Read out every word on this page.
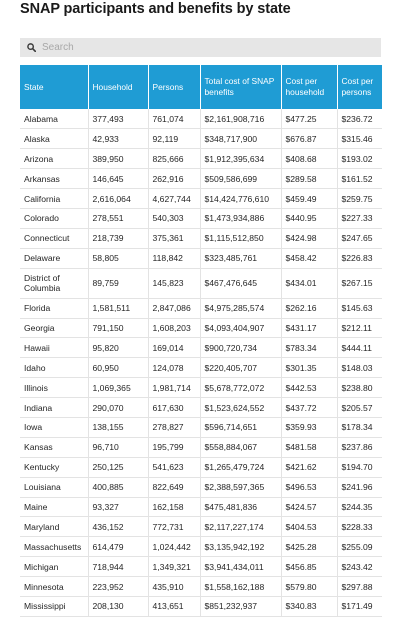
SNAP participants and benefits by state
Search
State	Household	Persons	Total cost of SNAP benefits	Cost per household	Cost per persons
Alabama	377,493	761,074	$2,161,908,716	$477.25	$236.72
Alaska	42,933	92,119	$348,717,900	$676.87	$315.46
Arizona	389,950	825,666	$1,912,395,634	$408.68	$193.02
Arkansas	146,645	262,916	$509,586,699	$289.58	$161.52
California	2,616,064	4,627,744	$14,424,776,610	$459.49	$259.75
Colorado	278,551	540,303	$1,473,934,886	$440.95	$227.33
Connecticut	218,739	375,361	$1,115,512,850	$424.98	$247.65
Delaware	58,805	118,842	$323,485,761	$458.42	$226.83
District of Columbia	89,759	145,823	$467,476,645	$434.01	$267.15
Florida	1,581,511	2,847,086	$4,975,285,574	$262.16	$145.63
Georgia	791,150	1,608,203	$4,093,404,907	$431.17	$212.11
Hawaii	95,820	169,014	$900,720,734	$783.34	$444.11
Idaho	60,950	124,078	$220,405,707	$301.35	$148.03
Illinois	1,069,365	1,981,714	$5,678,772,072	$442.53	$238.80
Indiana	290,070	617,630	$1,523,624,552	$437.72	$205.57
Iowa	138,155	278,827	$596,714,651	$359.93	$178.34
Kansas	96,710	195,799	$558,884,067	$481.58	$237.86
Kentucky	250,125	541,623	$1,265,479,724	$421.62	$194.70
Louisiana	400,885	822,649	$2,388,597,365	$496.53	$241.96
Maine	93,327	162,158	$475,481,836	$424.57	$244.35
Maryland	436,152	772,731	$2,117,227,174	$404.53	$228.33
Massachusetts	614,479	1,024,442	$3,135,942,192	$425.28	$255.09
Michigan	718,944	1,349,321	$3,941,434,011	$456.85	$243.42
Minnesota	223,952	435,910	$1,558,162,188	$579.80	$297.88
Mississippi	208,130	413,651	$851,232,937	$340.83	$171.49
